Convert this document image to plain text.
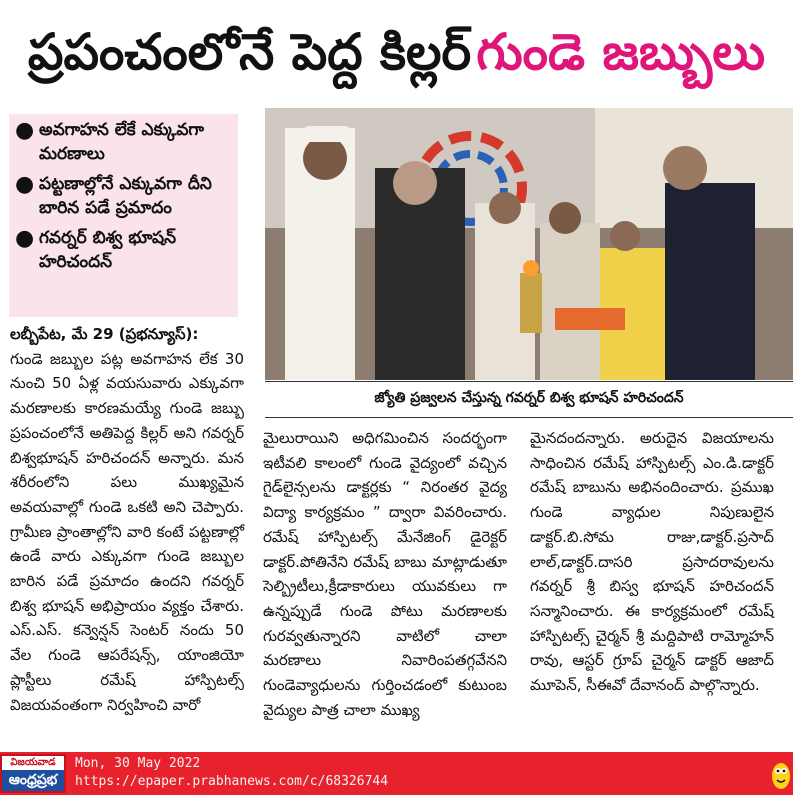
ప్రపంచంలోనే పెద్ద కిల్లర్ గుండె జబ్బులు
● అవగాహన లేకే ఎక్కువగా మరణాలు
● పట్టణాల్లోనే ఎక్కువగా దీని బారిన పడే ప్రమాదం
● గవర్నర్ బిశ్వ భూషన్ హరిచందన్
జ్యోతి ప్రజ్వలన చేస్తున్న గవర్నర్ బిశ్వ భూషన్ హరిచందన్

లబ్బీపేట, మే 29 (ప్రభన్యూస్):

గుండె జబ్బుల పట్ల అవగాహన లేక 30 నుంచి 50 ఏళ్ల వయసువారు ఎక్కువగా మరణాలకు కారణమయ్యే గుండె జబ్బు ప్రపంచంలోనే అతిపెద్ద కిల్లర్ అని గవర్నర్ బిశ్వభూషన్ హరిచందన్ అన్నారు. మన శరీరంలోని పలు ముఖ్యమైన అవయవాల్లో గుండె ఒకటి అని చెప్పారు. గ్రామీణ ప్రాంతాల్లోని వారి కంటే పట్టణాల్లో ఉండే వారు ఎక్కువగా గుండె జబ్బుల బారిన పడే ప్రమాదం ఉందని గవర్నర్ బిశ్వ భూషన్ అభిప్రాయం వ్యక్తం చేశారు. ఎస్.ఎస్. కన్వెన్షన్ సెంటర్ నందు 50 వేల గుండె ఆపరేషన్స్, యాంజియో ప్లాస్టీలు రమేష్ హాస్పిటల్స్ విజయవంతంగా నిర్వహించి వారో

మైలురాయిని అధిగమించిన సందర్భంగా ఇటీవలి కాలంలో గుండె వైద్యంలో వచ్చిన గైడ్‌లైన్సలను డాక్టర్లకు “ నిరంతర వైద్య విద్యా కార్యక్రమం ” ద్వారా వివరించారు. రమేష్ హాస్పిటల్స్ మేనేజింగ్ డైరెక్టర్ డాక్టర్.పోతినేని రమేష్ బాబు మాట్లాడుతూ సెల్బ్రిటీలు,క్రీడాకారులు యువకులు గా ఉన్నప్పుడే గుండె పోటు మరణాలకు గురవ్వతున్నారని వాటిలో చాలా మరణాలు నివారింపతగ్గవేనని గుండెవ్యాధులను గుర్తించడంలో కుటుంబ వైద్యుల పాత్ర చాలా ముఖ్య

మైనదందన్నారు. అరుదైన విజయాలను సాధించిన రమేష్ హాస్పిటల్స్ ఎం.డి.డాక్టర్ రమేష్ బాబును అభినందించారు. ప్రముఖ గుండె వ్యాధుల నిపుణులైన డాక్టర్.బి.సోమ రాజు,డాక్టర్.ప్రసాద్ లాల్,డాక్టర్.దాసరి ప్రసాదరావులను గవర్నర్ శ్రీ బిస్వ భూషన్ హరిచందన్ సన్మానించారు. ఈ కార్యక్రమంలో రమేష్ హాస్పిటల్స్ చైర్మన్ శ్రీ మద్దిపాటి రామ్మోహన్ రావు, ఆస్టర్ గ్రూప్ చైర్మన్ డాక్టర్ ఆజాద్ మూపెన్, సీఈవో దేవానంద్ పాల్గొన్నారు.

విజయవాడ
ఆంధ్రప్రభ
Mon, 30 May 2022
https://epaper.prabhanews.com/c/68326744
